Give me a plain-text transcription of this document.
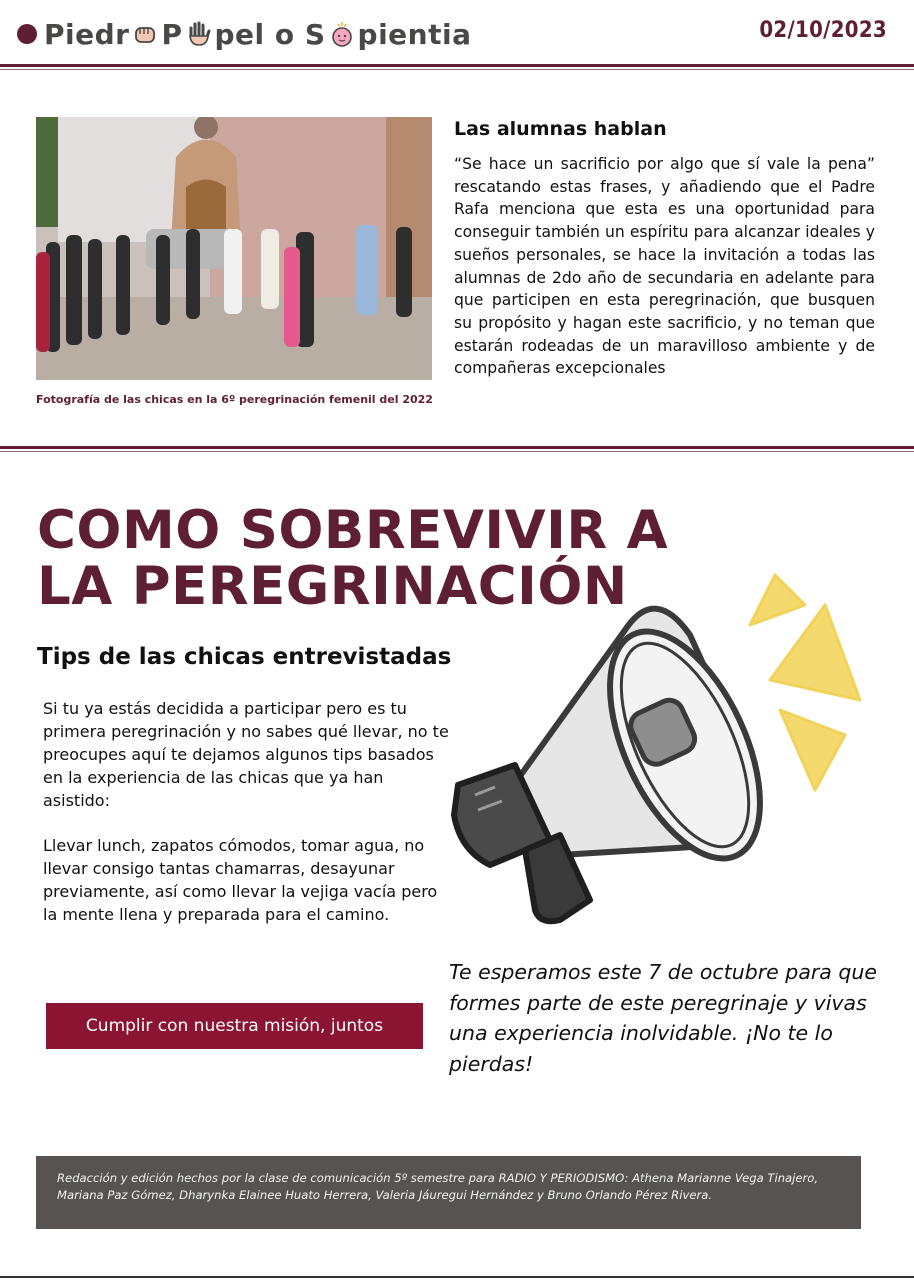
Piedr P pel o S pientia	02/10/2023
Fotografía de las chicas en la 6º peregrinación femenil del 2022
Las alumnas hablan

“Se hace un sacrificio por algo que sí vale la pena” rescatando estas frases, y añadiendo que el Padre Rafa menciona que esta es una oportunidad para conseguir también un espíritu para alcanzar ideales y sueños personales, se hace la invitación a todas las alumnas de 2do año de secundaria en adelante para que participen en esta peregrinación, que busquen su propósito y hagan este sacrificio, y no teman que estarán rodeadas de un maravilloso ambiente y de compañeras excepcionales

COMO SOBREVIVIR A LA PEREGRINACIÓN
Tips de las chicas entrevistadas

Si tu ya estás decidida a participar pero es tu primera peregrinación y no sabes qué llevar, no te preocupes aquí te dejamos algunos tips basados en la experiencia de las chicas que ya han asistido:

Llevar lunch, zapatos cómodos, tomar agua, no llevar consigo tantas chamarras, desayunar previamente, así como llevar la vejiga vacía pero la mente llena y preparada para el camino.

Cumplir con nuestra misión, juntos

Te esperamos este 7 de octubre para que formes parte de este peregrinaje y vivas una experiencia inolvidable. ¡No te lo pierdas!

Redacción y edición hechos por la clase de comunicación 5º semestre para RADIO Y PERIODISMO: Athena Marianne Vega Tinajero, Mariana Paz Gómez, Dharynka Elainee Huato Herrera, Valeria Jáuregui Hernández y Bruno Orlando Pérez Rivera.
